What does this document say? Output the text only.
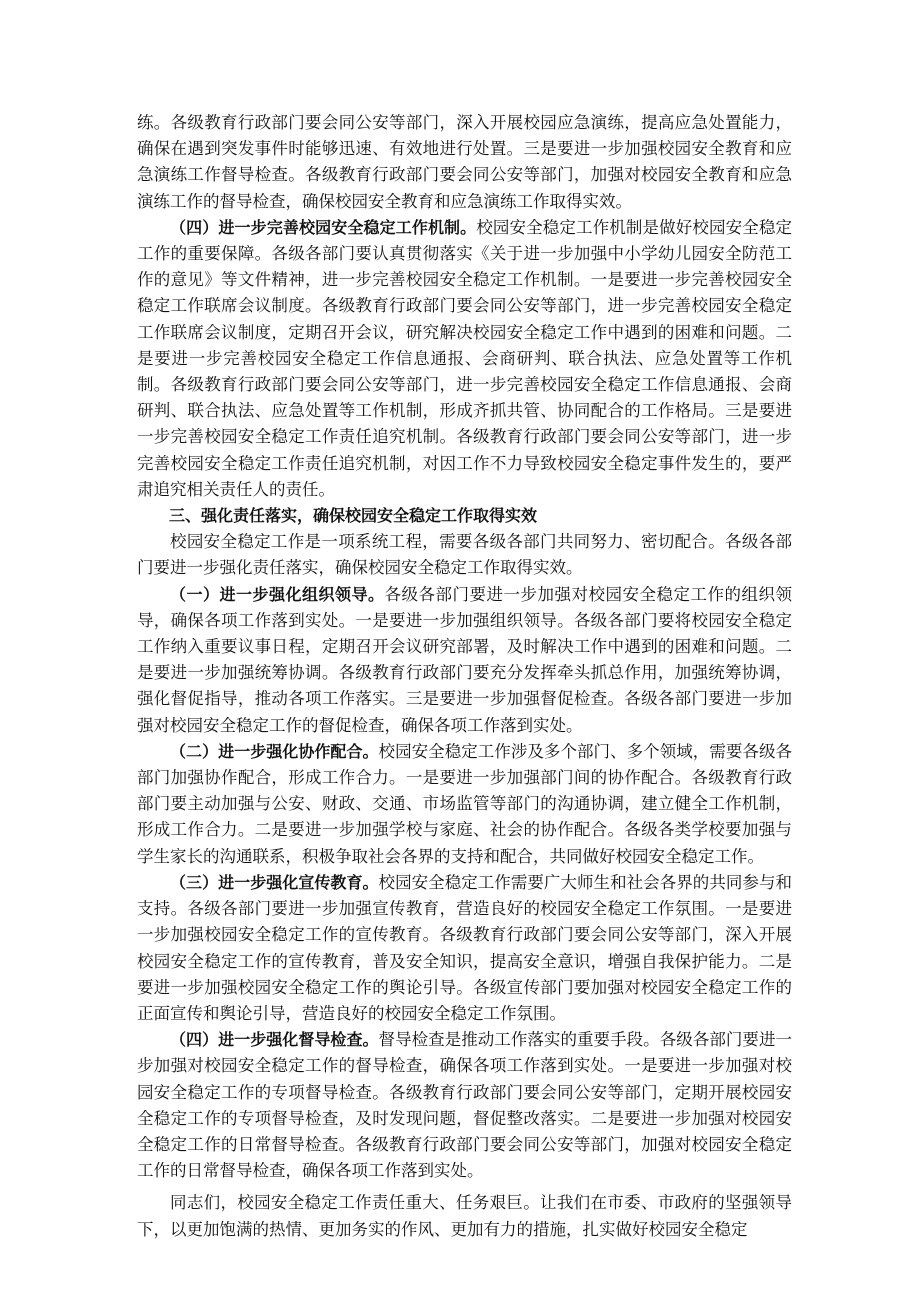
练。各级教育行政部门要会同公安等部门，深入开展校园应急演练，提高应急处置能力，确保在遇到突发事件时能够迅速、有效地进行处置。三是要进一步加强校园安全教育和应急演练工作督导检查。各级教育行政部门要会同公安等部门，加强对校园安全教育和应急演练工作的督导检查，确保校园安全教育和应急演练工作取得实效。

（四）进一步完善校园安全稳定工作机制。校园安全稳定工作机制是做好校园安全稳定工作的重要保障。各级各部门要认真贯彻落实《关于进一步加强中小学幼儿园安全防范工作的意见》等文件精神，进一步完善校园安全稳定工作机制。一是要进一步完善校园安全稳定工作联席会议制度。各级教育行政部门要会同公安等部门，进一步完善校园安全稳定工作联席会议制度，定期召开会议，研究解决校园安全稳定工作中遇到的困难和问题。二是要进一步完善校园安全稳定工作信息通报、会商研判、联合执法、应急处置等工作机制。各级教育行政部门要会同公安等部门，进一步完善校园安全稳定工作信息通报、会商研判、联合执法、应急处置等工作机制，形成齐抓共管、协同配合的工作格局。三是要进一步完善校园安全稳定工作责任追究机制。各级教育行政部门要会同公安等部门，进一步完善校园安全稳定工作责任追究机制，对因工作不力导致校园安全稳定事件发生的，要严肃追究相关责任人的责任。

三、强化责任落实，确保校园安全稳定工作取得实效

校园安全稳定工作是一项系统工程，需要各级各部门共同努力、密切配合。各级各部门要进一步强化责任落实，确保校园安全稳定工作取得实效。

（一）进一步强化组织领导。各级各部门要进一步加强对校园安全稳定工作的组织领导，确保各项工作落到实处。一是要进一步加强组织领导。各级各部门要将校园安全稳定工作纳入重要议事日程，定期召开会议研究部署，及时解决工作中遇到的困难和问题。二是要进一步加强统筹协调。各级教育行政部门要充分发挥牵头抓总作用，加强统筹协调，强化督促指导，推动各项工作落实。三是要进一步加强督促检查。各级各部门要进一步加强对校园安全稳定工作的督促检查，确保各项工作落到实处。

（二）进一步强化协作配合。校园安全稳定工作涉及多个部门、多个领域，需要各级各部门加强协作配合，形成工作合力。一是要进一步加强部门间的协作配合。各级教育行政部门要主动加强与公安、财政、交通、市场监管等部门的沟通协调，建立健全工作机制，形成工作合力。二是要进一步加强学校与家庭、社会的协作配合。各级各类学校要加强与学生家长的沟通联系，积极争取社会各界的支持和配合，共同做好校园安全稳定工作。

（三）进一步强化宣传教育。校园安全稳定工作需要广大师生和社会各界的共同参与和支持。各级各部门要进一步加强宣传教育，营造良好的校园安全稳定工作氛围。一是要进一步加强校园安全稳定工作的宣传教育。各级教育行政部门要会同公安等部门，深入开展校园安全稳定工作的宣传教育，普及安全知识，提高安全意识，增强自我保护能力。二是要进一步加强校园安全稳定工作的舆论引导。各级宣传部门要加强对校园安全稳定工作的正面宣传和舆论引导，营造良好的校园安全稳定工作氛围。

（四）进一步强化督导检查。督导检查是推动工作落实的重要手段。各级各部门要进一步加强对校园安全稳定工作的督导检查，确保各项工作落到实处。一是要进一步加强对校园安全稳定工作的专项督导检查。各级教育行政部门要会同公安等部门，定期开展校园安全稳定工作的专项督导检查，及时发现问题，督促整改落实。二是要进一步加强对校园安全稳定工作的日常督导检查。各级教育行政部门要会同公安等部门，加强对校园安全稳定工作的日常督导检查，确保各项工作落到实处。

同志们，校园安全稳定工作责任重大、任务艰巨。让我们在市委、市政府的坚强领导下，以更加饱满的热情、更加务实的作风、更加有力的措施，扎实做好校园安全稳定
